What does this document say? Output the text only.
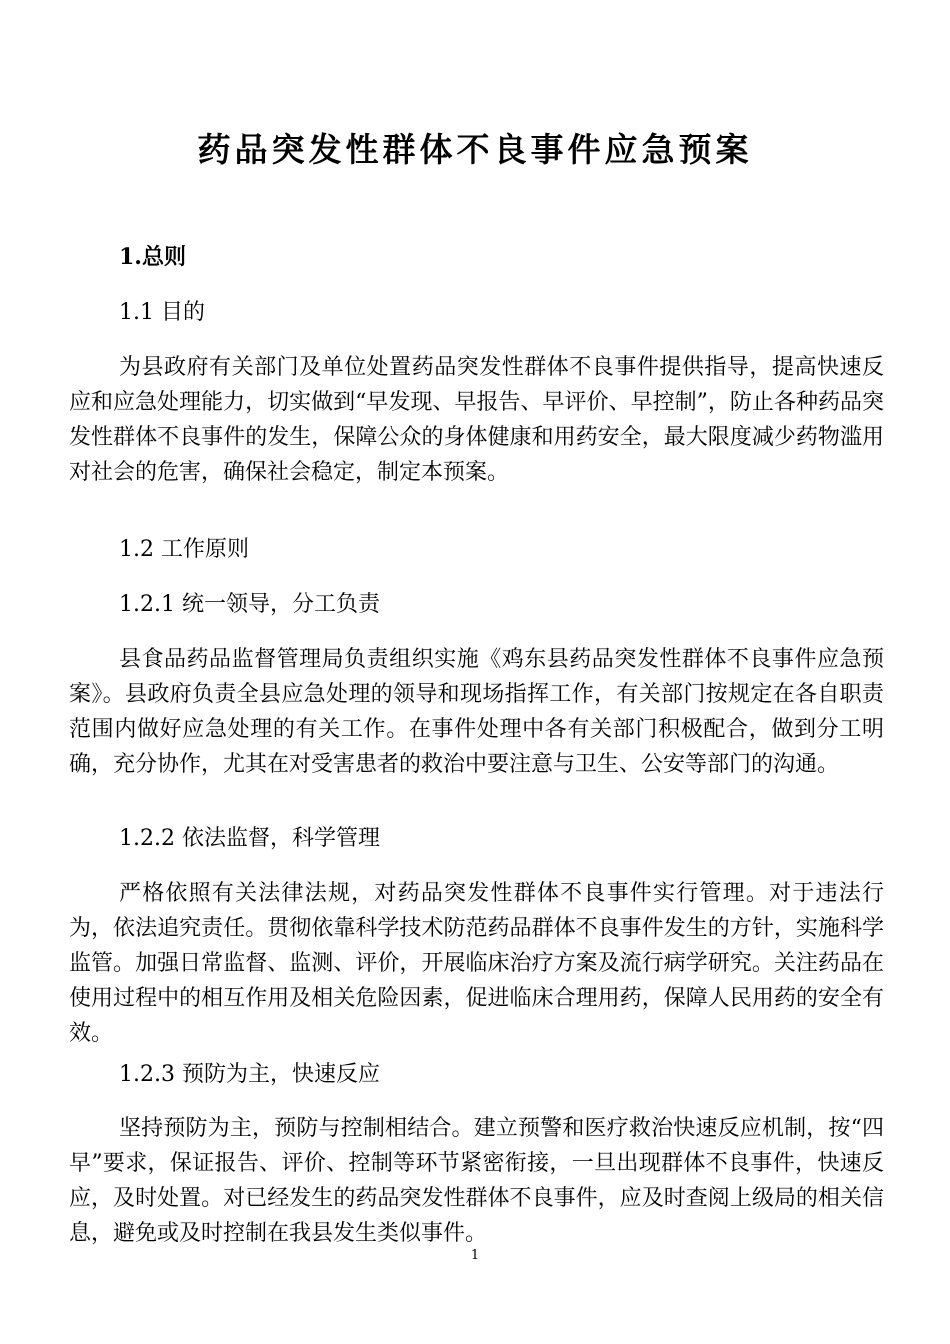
药品突发性群体不良事件应急预案

1.总则

1.1 目的

为县政府有关部门及单位处置药品突发性群体不良事件提供指导，提高快速反应和应急处理能力，切实做到“早发现、早报告、早评价、早控制”，防止各种药品突发性群体不良事件的发生，保障公众的身体健康和用药安全，最大限度减少药物滥用对社会的危害，确保社会稳定，制定本预案。

1.2 工作原则

1.2.1 统一领导，分工负责

县食品药品监督管理局负责组织实施《鸡东县药品突发性群体不良事件应急预案》。县政府负责全县应急处理的领导和现场指挥工作，有关部门按规定在各自职责范围内做好应急处理的有关工作。在事件处理中各有关部门积极配合，做到分工明确，充分协作，尤其在对受害患者的救治中要注意与卫生、公安等部门的沟通。

1.2.2 依法监督，科学管理

严格依照有关法律法规，对药品突发性群体不良事件实行管理。对于违法行为，依法追究责任。贯彻依靠科学技术防范药品群体不良事件发生的方针，实施科学监管。加强日常监督、监测、评价，开展临床治疗方案及流行病学研究。关注药品在使用过程中的相互作用及相关危险因素，促进临床合理用药，保障人民用药的安全有效。

1.2.3 预防为主，快速反应

坚持预防为主，预防与控制相结合。建立预警和医疗救治快速反应机制，按“四早”要求，保证报告、评价、控制等环节紧密衔接，一旦出现群体不良事件，快速反应，及时处置。对已经发生的药品突发性群体不良事件，应及时查阅上级局的相关信息，避免或及时控制在我县发生类似事件。

1
